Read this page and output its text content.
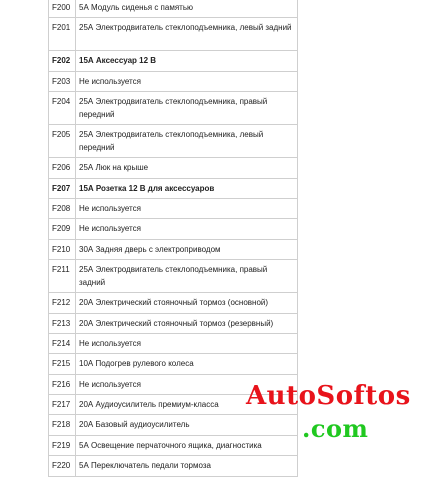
F200	5А Модуль сиденья с памятью
F201	25А Электродвигатель стеклоподъемника, левый задний
F202	15А Аксессуар 12 В
F203	Не используется
F204	25А Электродвигатель стеклоподъемника, правый передний
F205	25А Электродвигатель стеклоподъемника, левый передний
F206	25А Люк на крыше
F207	15А Розетка 12 В для аксессуаров
F208	Не используется
F209	Не используется
F210	30А Задняя дверь с электроприводом
F211	25А Электродвигатель стеклоподъемника, правый задний
F212	20А Электрический стояночный тормоз (основной)
F213	20А Электрический стояночный тормоз (резервный)
F214	Не используется
F215	10А Подогрев рулевого колеса
F216	Не используется
F217	20А Аудиоусилитель премиум-класса
F218	20А Базовый аудиоусилитель
F219	5А Освещение перчаточного ящика, диагностика
F220	5А Переключатель педали тормоза
AutoSoftos
.com
